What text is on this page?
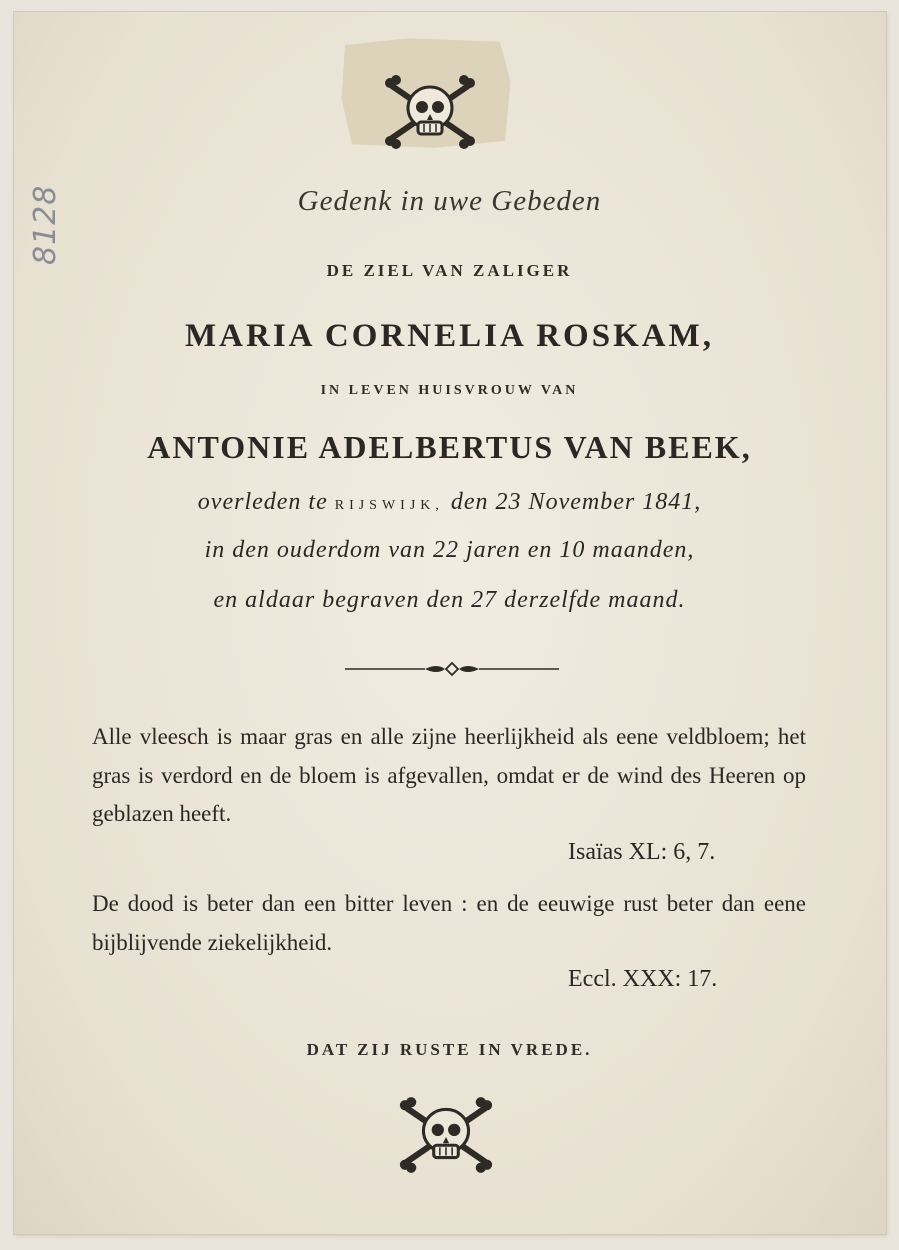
8128	Gedenk in uwe Gebeden
DE ZIEL VAN ZALIGER
MARIA CORNELIA ROSKAM,
IN LEVEN HUISVROUW VAN
ANTONIE ADELBERTUS VAN BEEK,
overleden te RIJSWIJK, den 23 November 1841,
in den ouderdom van 22 jaren en 10 maanden,
en aldaar begraven den 27 derzelfde maand.
Alle vleesch is maar gras en alle zijne heerlijkheid als eene veldbloem; het gras is verdord en de bloem is afgevallen, omdat er de wind des Heeren op geblazen heeft.
Isaïas XL: 6, 7.
De dood is beter dan een bitter leven : en de eeuwige rust beter dan eene bijblijvende ziekelijkheid.
Eccl. XXX: 17.
DAT ZIJ RUSTE IN VREDE.
